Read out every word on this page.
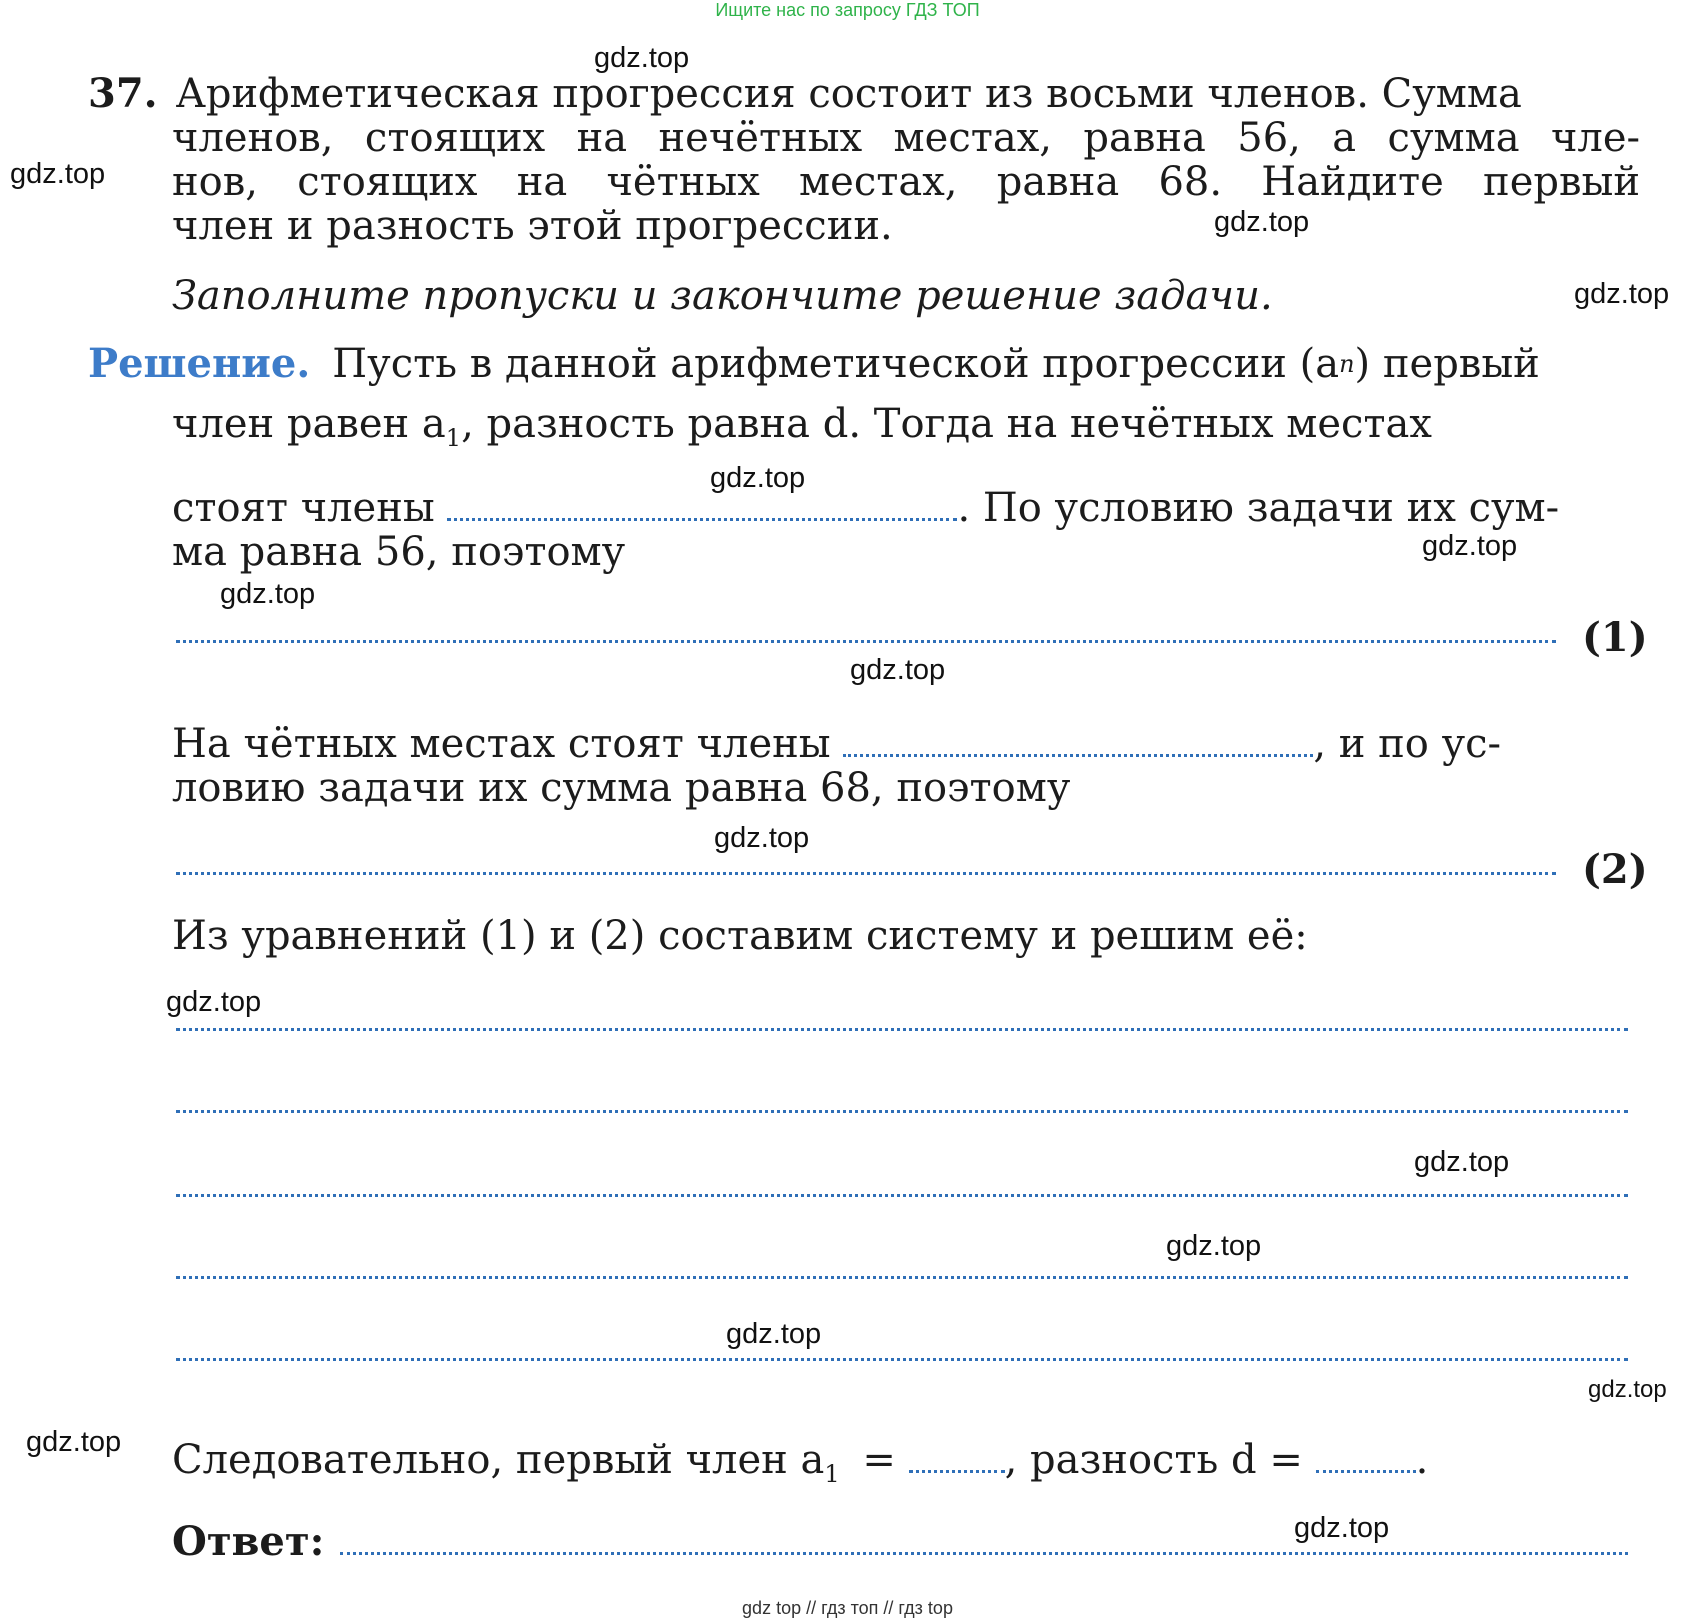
Ищите нас по запросу ГДЗ ТОП
37. Арифметическая прогрессия состоит из восьми членов. Сумма
членов, стоящих на нечётных местах, равна 56, а сумма чле-
нов, стоящих на чётных местах, равна 68. Найдите первый
член и разность этой прогрессии.
Заполните пропуски и закончите решение задачи.
Решение. Пусть в данной арифметической прогрессии (a n ) первый
член равен $a_1$, разность равна d. Тогда на нечётных местах
стоят члены	. По условию задачи их сум-
ма равна 56, поэтому
(1)
На чётных местах стоят члены	, и по ус-
ловию задачи их сумма равна 68, поэтому
(2)
Из уравнений (1) и (2) составим систему и решим её:
Следовательно, первый член $a_1$ =	, разность d =	.
Ответ:
gdz.top
gdz.top
gdz.top
gdz.top
gdz.top
gdz.top
gdz.top
gdz.top
gdz.top
gdz.top
gdz.top
gdz.top
gdz.top
gdz.top
gdz.top
gdz.top
gdz top // гдз топ // гдз top
